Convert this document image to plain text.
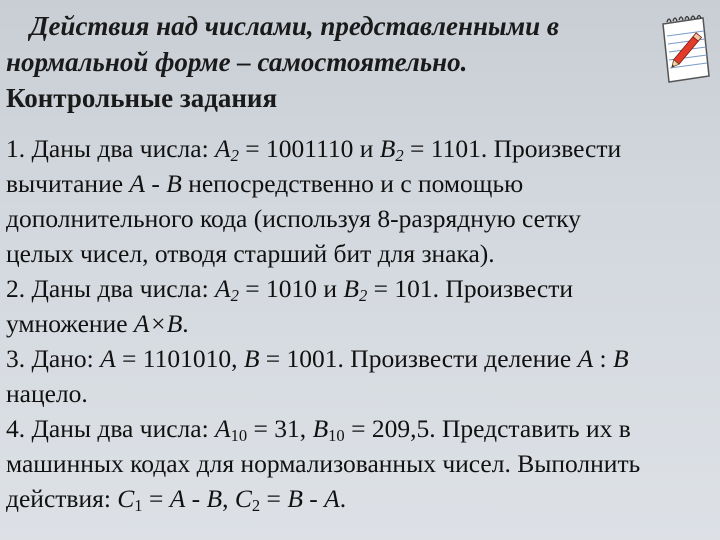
Действия над числами, представленными в
нормальной форме – самостоятельно.
Контрольные задания
1. Даны два числа: $A_2 = 1001110$ и $B_2 = 1101$. Произвести
вычитание A - B непосредственно и с помощью
дополнительного кода (используя 8-разрядную сетку
целых чисел, отводя старший бит для знака).
2. Даны два числа: $A_2 = 1010$ и $B_2 = 101$. Произвести
умножение A×B.
3. Дано: A = 1101010, B = 1001. Произвести деление A : B
нацело.
4. Даны два числа: $A_{10} = 31$, $B_{10} = 209,5$. Представить их в
машинных кодах для нормализованных чисел. Выполнить
действия: $C_1 = A - B$, $C_2 = B - A$.
